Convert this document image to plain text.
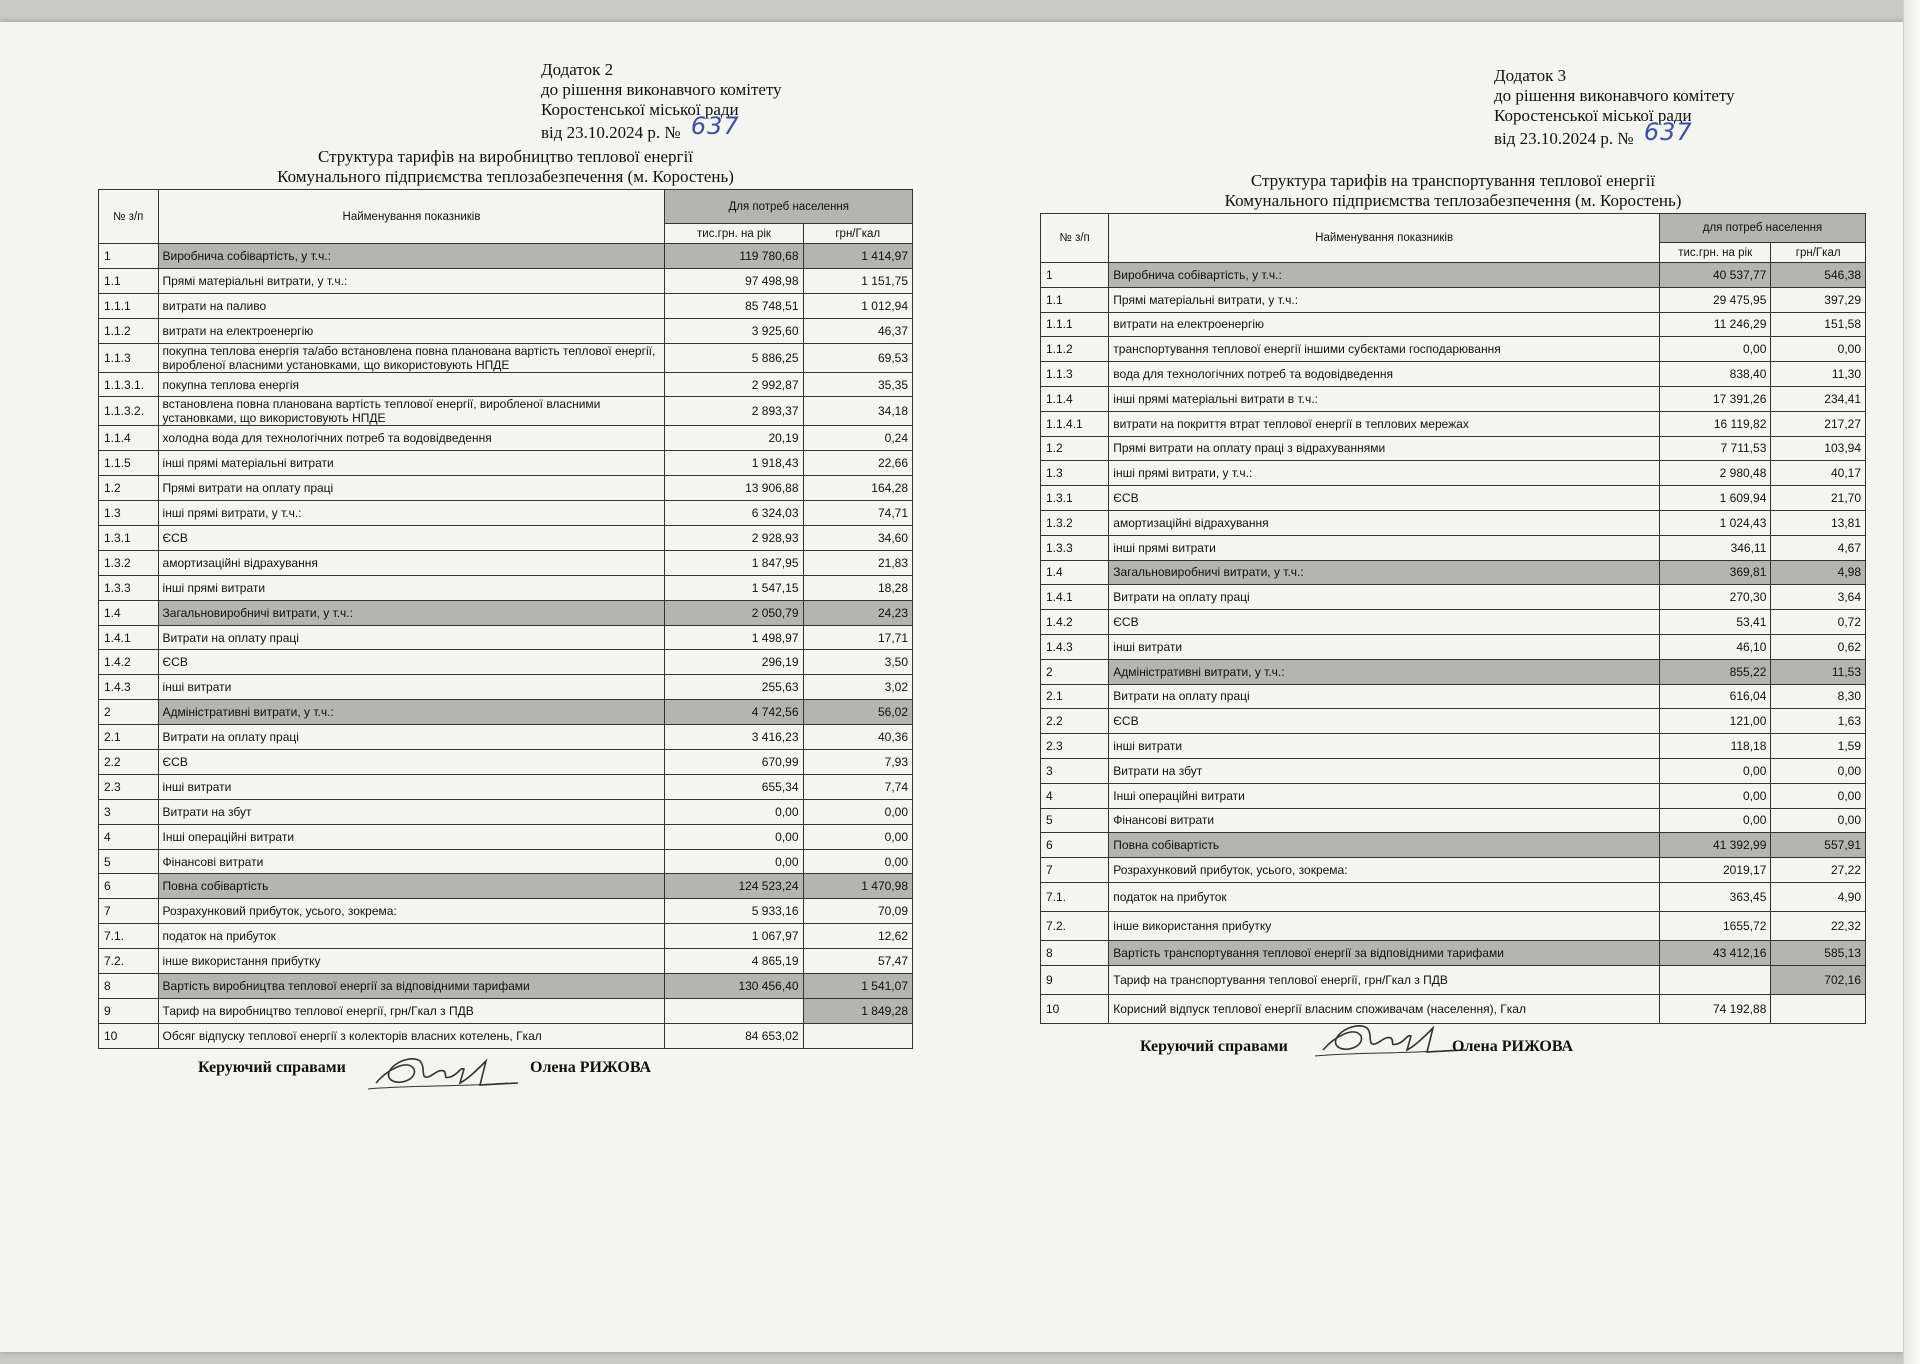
Додаток 2
до рішення виконавчого комітету
Коростенської міської ради
від 23.10.2024 р. № 637
Структура тарифів на виробництво теплової енергії
Комунального підприємства теплозабезпечення (м. Коростень)
№ з/п	Найменування показників	Для потреб населення	
		тис.грн. на рік	грн/Гкал
1	Виробнича собівартість, у т.ч.:	119 780,68	1 414,97
1.1	Прямі матеріальні витрати, у т.ч.:	97 498,98	1 151,75
1.1.1	витрати на паливо	85 748,51	1 012,94
1.1.2	витрати на електроенергію	3 925,60	46,37
1.1.3	покупна теплова енергія та/або встановлена повна планована вартість теплової енергії, виробленої власними установками, що використовують НПДЕ	5 886,25	69,53
1.1.3.1.	покупна теплова енергія	2 992,87	35,35
1.1.3.2.	встановлена повна планована вартість теплової енергії, виробленої власними установками, що використовують НПДЕ	2 893,37	34,18
1.1.4	холодна вода для технологічних потреб та водовідведення	20,19	0,24
1.1.5	інші прямі матеріальні витрати	1 918,43	22,66
1.2	Прямі витрати на оплату праці	13 906,88	164,28
1.3	інші прямі витрати, у т.ч.:	6 324,03	74,71
1.3.1	ЄСВ	2 928,93	34,60
1.3.2	амортизаційні відрахування	1 847,95	21,83
1.3.3	інші прямі витрати	1 547,15	18,28
1.4	Загальновиробничі витрати, у т.ч.:	2 050,79	24,23
1.4.1	Витрати на оплату праці	1 498,97	17,71
1.4.2	ЄСВ	296,19	3,50
1.4.3	інші витрати	255,63	3,02
2	Адміністративні витрати, у т.ч.:	4 742,56	56,02
2.1	Витрати на оплату праці	3 416,23	40,36
2.2	ЄСВ	670,99	7,93
2.3	інші витрати	655,34	7,74
3	Витрати на збут	0,00	0,00
4	Інші операційні витрати	0,00	0,00
5	Фінансові витрати	0,00	0,00
6	Повна собівартість	124 523,24	1 470,98
7	Розрахунковий прибуток, усього, зокрема:	5 933,16	70,09
7.1.	податок на прибуток	1 067,97	12,62
7.2.	інше використання прибутку	4 865,19	57,47
8	Вартість виробництва теплової енергії за відповідними тарифами	130 456,40	1 541,07
9	Тариф на виробництво теплової енергії, грн/Гкал з ПДВ		1 849,28
10	Обсяг відпуску теплової енергії з колекторів власних котелень, Гкал	84 653,02	
Керуючий справами	Олена РИЖОВА
Додаток 3
до рішення виконавчого комітету
Коростенської міської ради
від 23.10.2024 р. № 637
Структура тарифів на транспортування теплової енергії
Комунального підприємства теплозабезпечення (м. Коростень)
№ з/п	Найменування показників	для потреб населення	
		тис.грн. на рік	грн/Гкал
1	Виробнича собівартість, у т.ч.:	40 537,77	546,38
1.1	Прямі матеріальні витрати, у т.ч.:	29 475,95	397,29
1.1.1	витрати на електроенергію	11 246,29	151,58
1.1.2	транспортування теплової енергії іншими субєктами господарювання	0,00	0,00
1.1.3	вода для технологічних потреб та водовідведення	838,40	11,30
1.1.4	інші прямі матеріальні витрати в т.ч.:	17 391,26	234,41
1.1.4.1	витрати на покриття втрат теплової енергії в теплових мережах	16 119,82	217,27
1.2	Прямі витрати на оплату праці з відрахуваннями	7 711,53	103,94
1.3	інші прямі витрати, у т.ч.:	2 980,48	40,17
1.3.1	ЄСВ	1 609,94	21,70
1.3.2	амортизаційні відрахування	1 024,43	13,81
1.3.3	інші прямі витрати	346,11	4,67
1.4	Загальновиробничі витрати, у т.ч.:	369,81	4,98
1.4.1	Витрати на оплату праці	270,30	3,64
1.4.2	ЄСВ	53,41	0,72
1.4.3	інші витрати	46,10	0,62
2	Адміністративні витрати, у т.ч.:	855,22	11,53
2.1	Витрати на оплату праці	616,04	8,30
2.2	ЄСВ	121,00	1,63
2.3	інші витрати	118,18	1,59
3	Витрати на збут	0,00	0,00
4	Інші операційні витрати	0,00	0,00
5	Фінансові витрати	0,00	0,00
6	Повна собівартість	41 392,99	557,91
7	Розрахунковий прибуток, усього, зокрема:	2019,17	27,22
7.1.	податок на прибуток	363,45	4,90
7.2.	інше використання прибутку	1655,72	22,32
8	Вартість транспортування теплової енергії за відповідними тарифами	43 412,16	585,13
9	Тариф на транспортування теплової енергії, грн/Гкал з ПДВ		702,16
10	Корисний відпуск теплової енергії власним споживачам (населення), Гкал	74 192,88	
Керуючий справами	Олена РИЖОВА
